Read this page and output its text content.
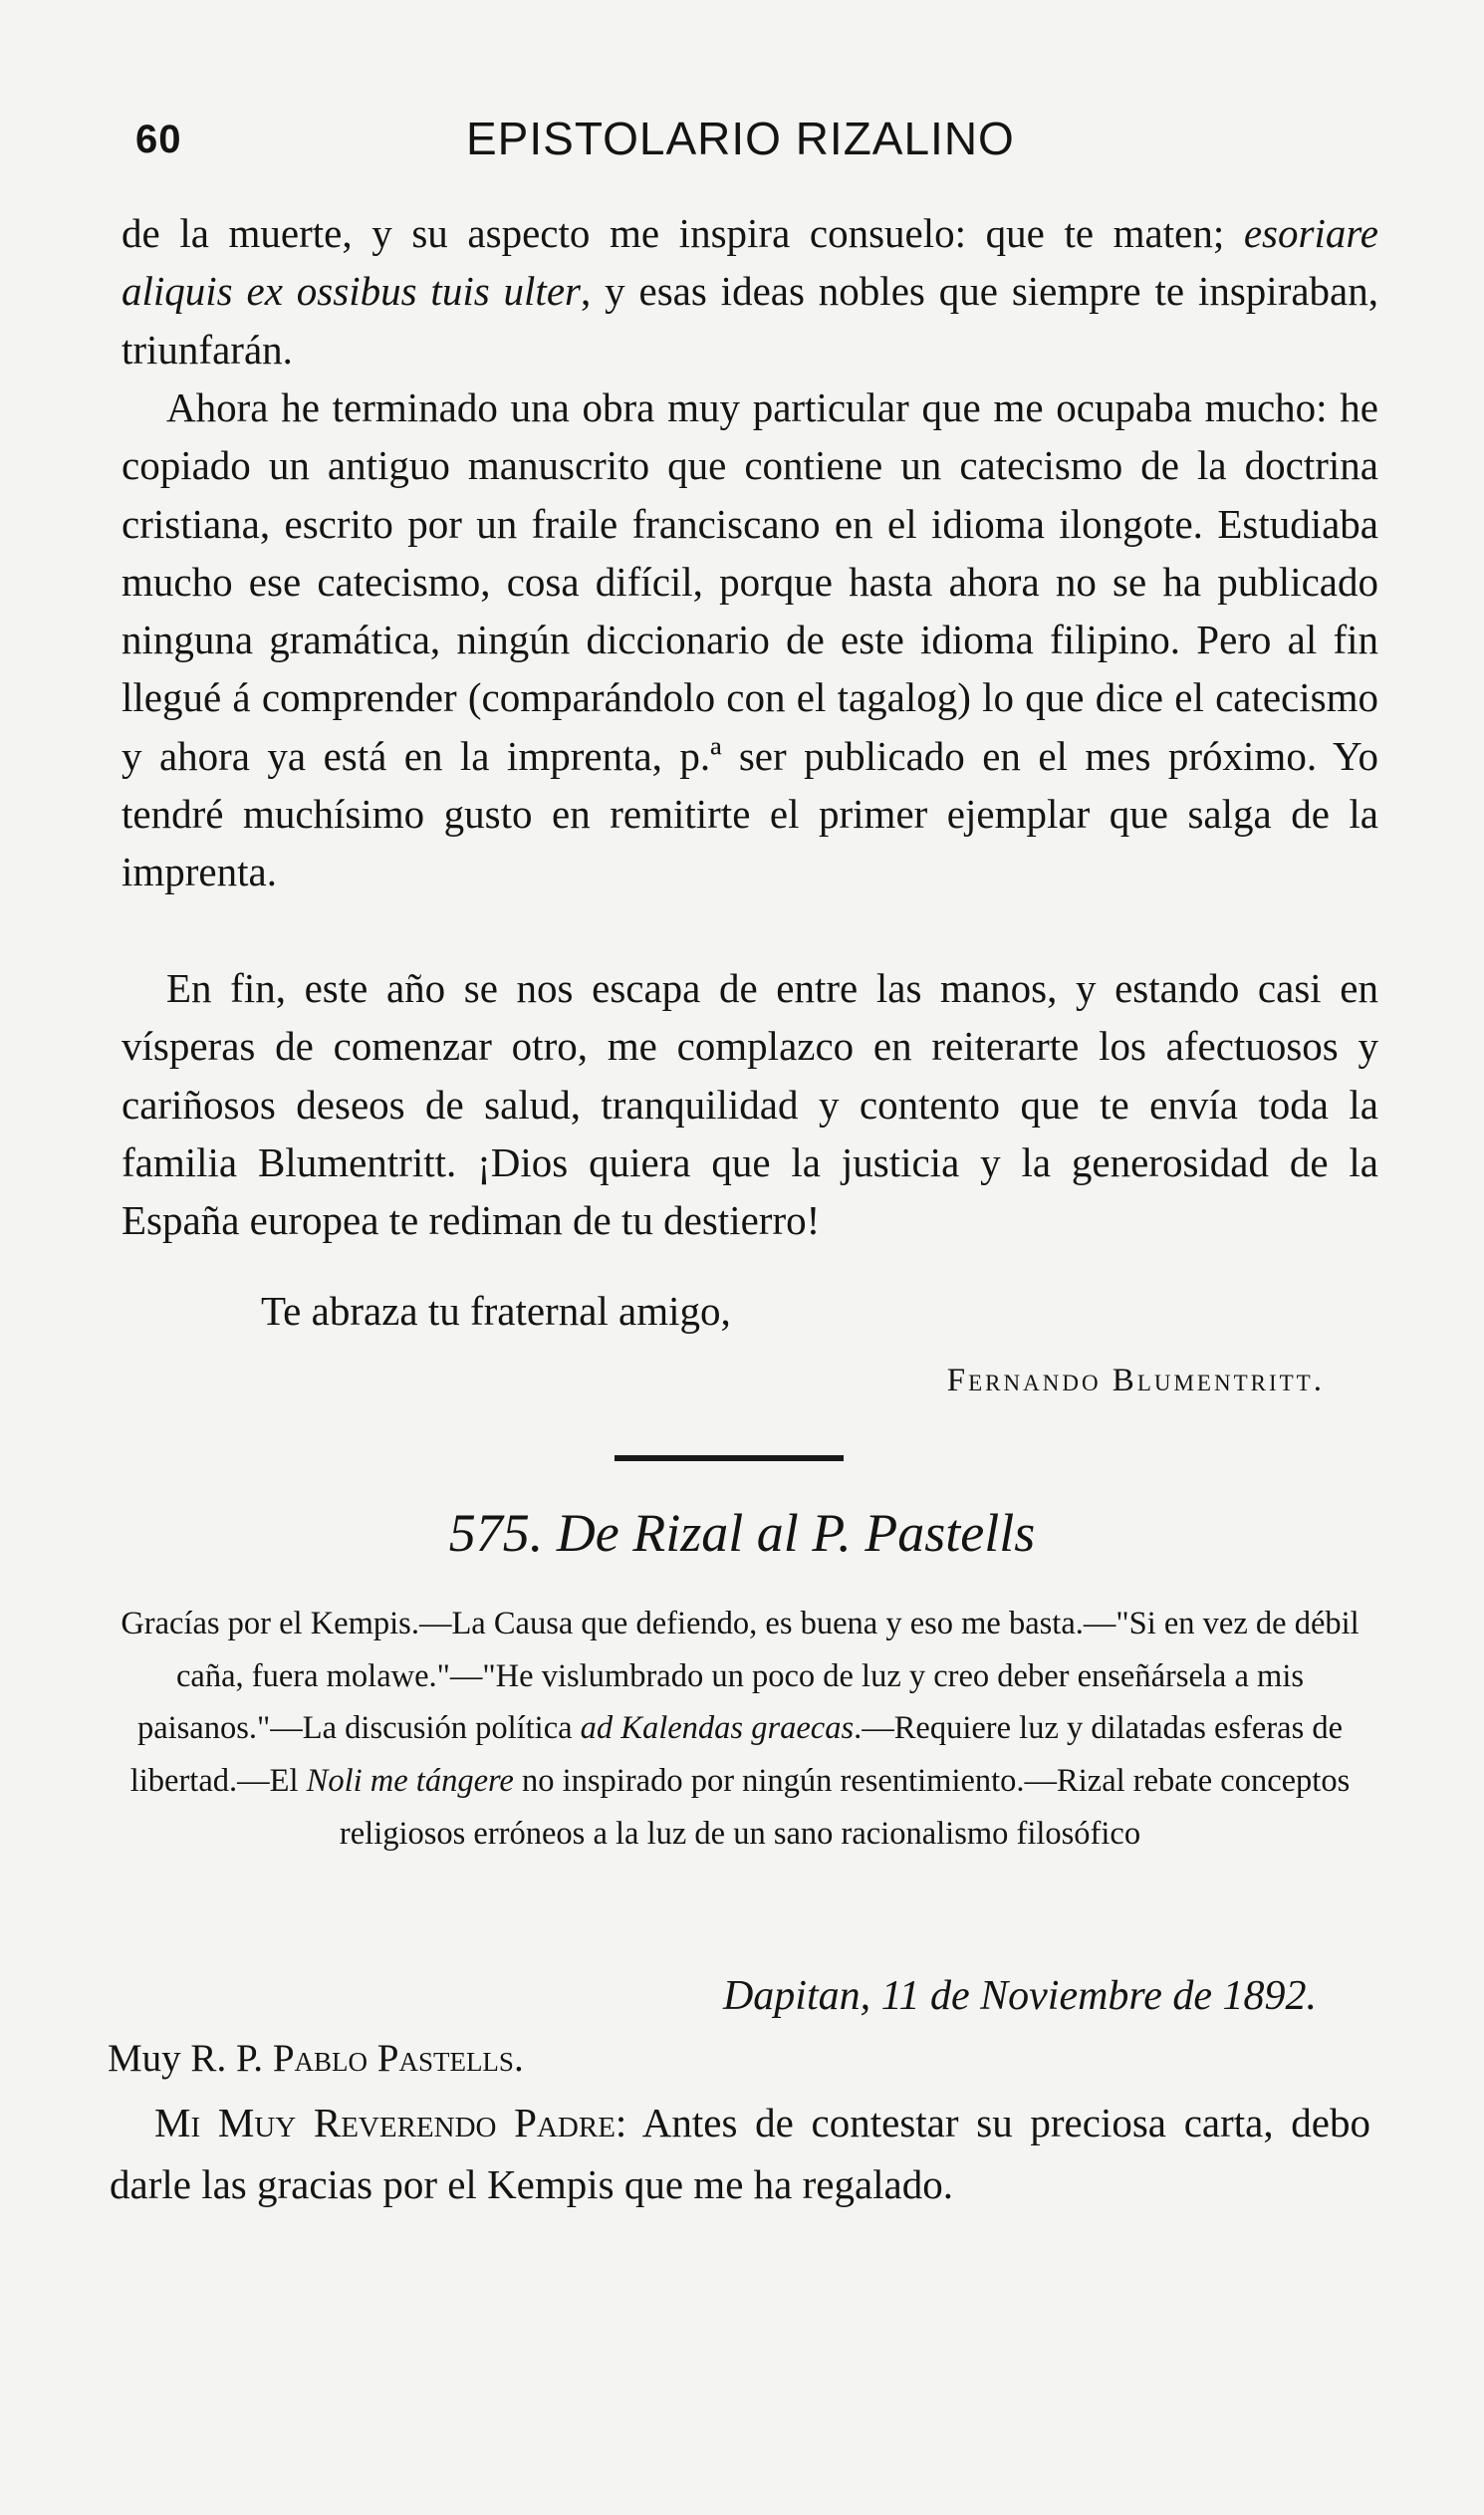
60	EPISTOLARIO RIZALINO
de la muerte, y su aspecto me inspira consuelo: que te maten; esoriare aliquis ex ossibus tuis ulter, y esas ideas nobles que siempre te inspiraban, triunfarán.
Ahora he terminado una obra muy particular que me ocupaba mucho: he copiado un antiguo manuscrito que contiene un catecismo de la doctrina cristiana, escrito por un fraile franciscano en el idioma ilongote. Estudiaba mucho ese catecismo, cosa difícil, porque hasta ahora no se ha publicado ninguna gramática, ningún diccionario de este idioma filipino. Pero al fin llegué á comprender (comparándolo con el tagalog) lo que dice el catecismo y ahora ya está en la imprenta, p.ª ser publicado en el mes próximo. Yo tendré muchísimo gusto en remitirte el primer ejemplar que salga de la imprenta.
En fin, este año se nos escapa de entre las manos, y estando casi en vísperas de comenzar otro, me complazco en reiterarte los afectuosos y cariñosos deseos de salud, tranquilidad y contento que te envía toda la familia Blumentritt. ¡Dios quiera que la justicia y la generosidad de la España europea te rediman de tu destierro!
Te abraza tu fraternal amigo,
Fernando Blumentritt.
575. De Rizal al P. Pastells
Gracías por el Kempis.—La Causa que defiendo, es buena y eso me basta.—"Si en vez de débil caña, fuera molawe."—"He vislumbrado un poco de luz y creo deber enseñársela a mis paisanos."—La discusión política ad Kalendas graecas.—Requiere luz y dilatadas esferas de libertad.—El Noli me tángere no inspirado por ningún resentimiento.—Rizal rebate conceptos religiosos erróneos a la luz de un sano racionalismo filosófico
Dapitan, 11 de Noviembre de 1892.
Muy R. P. Pablo Pastells.
Mi Muy Reverendo Padre: Antes de contestar su preciosa carta, debo darle las gracias por el Kempis que me ha regalado.
